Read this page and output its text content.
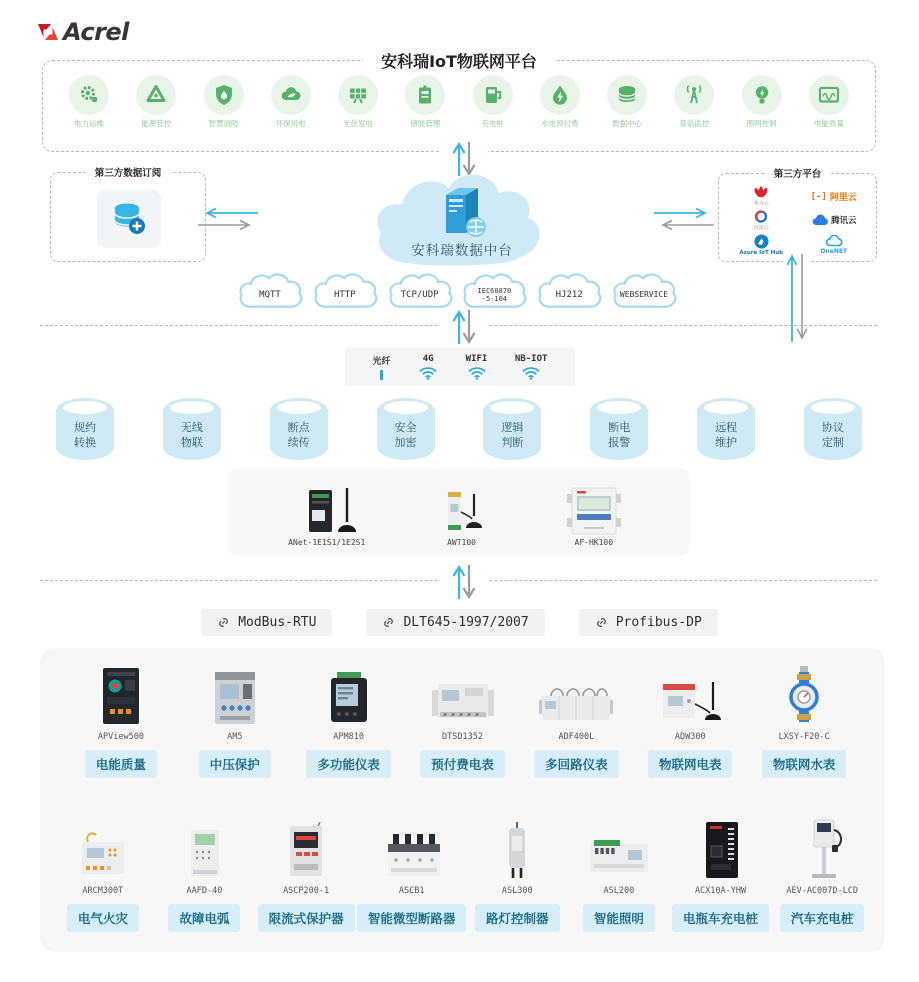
Acrel
安科瑞IoT物联网平台
电力运维	能源管控	智慧消防	环保用电	光伏发电	储能管理	充电桩	水电预付费	数据中心	基站监控	照明控制	电能质量
第三方数据订阅
安科瑞数据中台
第三方平台
华为云
[-] 阿里云
百度云
腾讯云
Azure IoT Hub	OneNET
MQTT	HTTP	TCP/UDP	IEC60870
-5-104	HJ212	WEBSERVICE
光纤	4G	WIFI	NB-IOT
规约
转换
无线
物联
断点
续传
安全
加密
逻辑
判断
断电
报警
远程
维护
协议
定制
ANet-1E1S1/1E2S1	AWT100	AF-HK100
ModBus-RTU	DLT645-1997/2007	Profibus-DP
APView500
电能质量
AM5
中压保护
APM810
多功能仪表
DTSD1352
预付费电表
ADF400L
多回路仪表
ADW300
物联网电表
LXSY-F20-C
物联网水表
ARCM300T
电气火灾
AAFD-40
故障电弧
ASCP200-1
限流式保护器
ASCB1
智能微型断路器
ASL300
路灯控制器
ASL200
智能照明
ACX10A-YHW
电瓶车充电桩
AEV-AC007D-LCD
汽车充电桩
